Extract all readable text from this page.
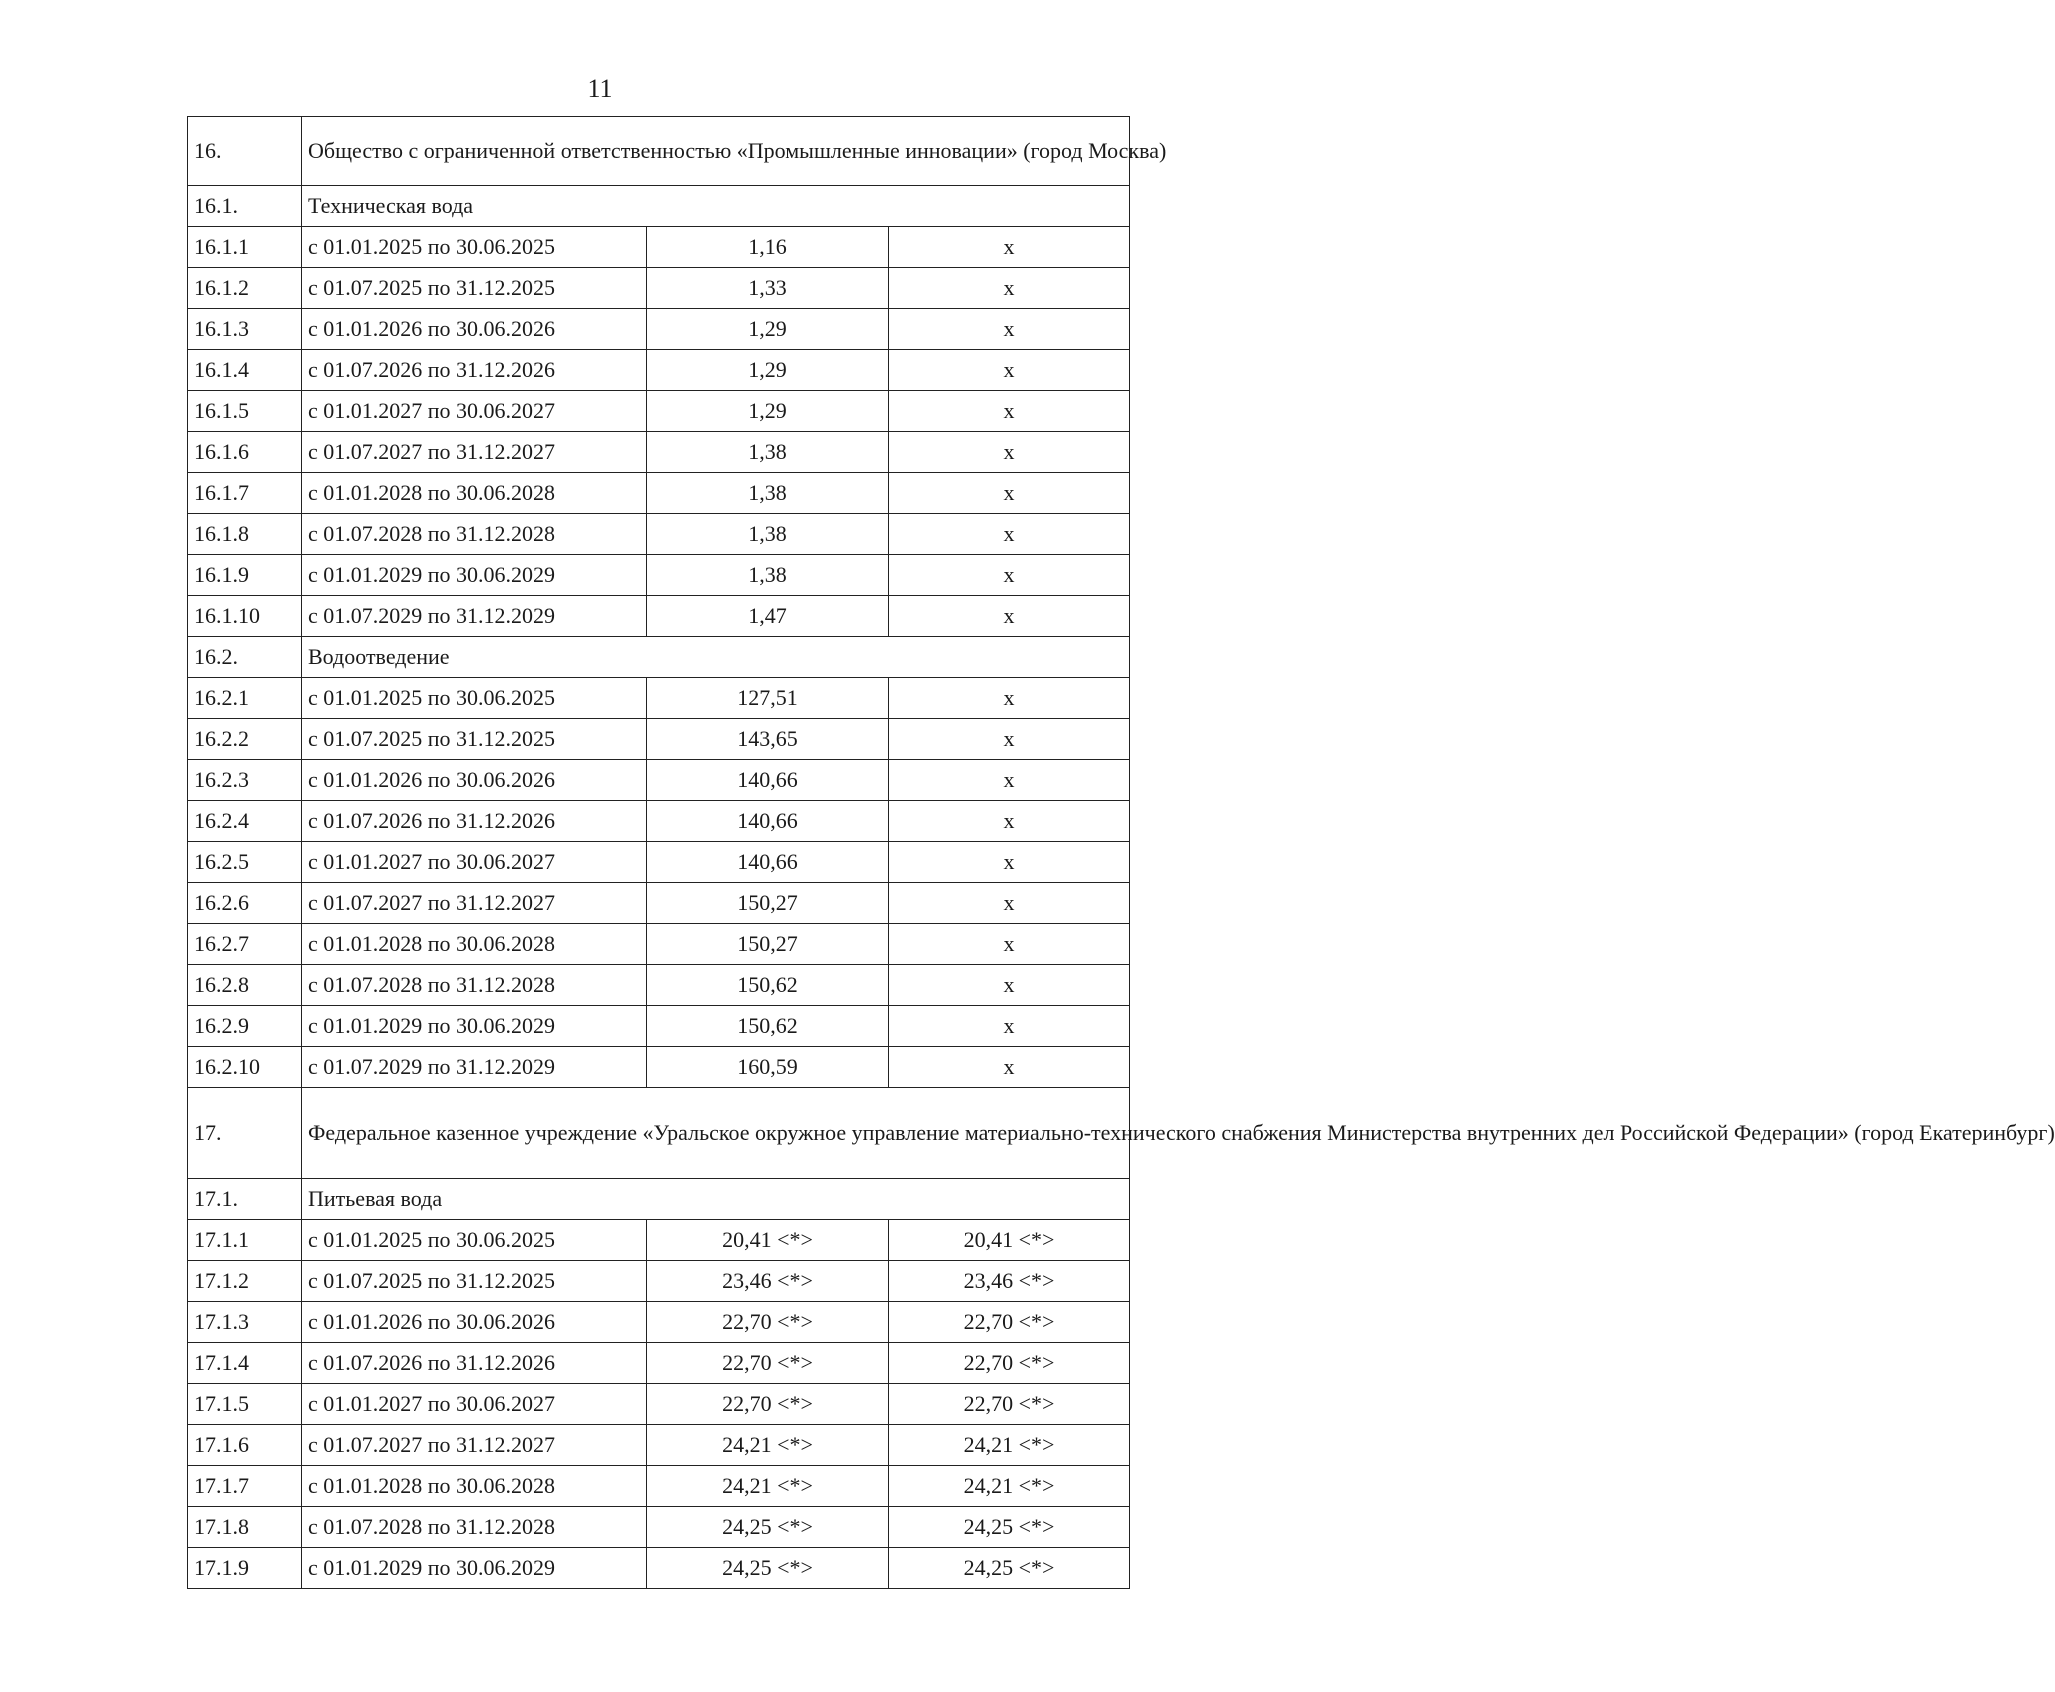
11
16.	Общество с ограниченной ответственностью «Промышленные инновации» (город Москва)		
16.1.	Техническая вода		
16.1.1	с 01.01.2025 по 30.06.2025	1,16	x
16.1.2	с 01.07.2025 по 31.12.2025	1,33	x
16.1.3	с 01.01.2026 по 30.06.2026	1,29	x
16.1.4	с 01.07.2026 по 31.12.2026	1,29	x
16.1.5	с 01.01.2027 по 30.06.2027	1,29	x
16.1.6	с 01.07.2027 по 31.12.2027	1,38	x
16.1.7	с 01.01.2028 по 30.06.2028	1,38	x
16.1.8	с 01.07.2028 по 31.12.2028	1,38	x
16.1.9	с 01.01.2029 по 30.06.2029	1,38	x
16.1.10	с 01.07.2029 по 31.12.2029	1,47	x
16.2.	Водоотведение		
16.2.1	с 01.01.2025 по 30.06.2025	127,51	x
16.2.2	с 01.07.2025 по 31.12.2025	143,65	x
16.2.3	с 01.01.2026 по 30.06.2026	140,66	x
16.2.4	с 01.07.2026 по 31.12.2026	140,66	x
16.2.5	с 01.01.2027 по 30.06.2027	140,66	x
16.2.6	с 01.07.2027 по 31.12.2027	150,27	x
16.2.7	с 01.01.2028 по 30.06.2028	150,27	x
16.2.8	с 01.07.2028 по 31.12.2028	150,62	x
16.2.9	с 01.01.2029 по 30.06.2029	150,62	x
16.2.10	с 01.07.2029 по 31.12.2029	160,59	x
17.	Федеральное казенное учреждение «Уральское окружное управление материально-технического снабжения Министерства внутренних дел Российской Федерации» (город Екатеринбург)		
17.1.	Питьевая вода		
17.1.1	с 01.01.2025 по 30.06.2025	20,41 <*>	20,41 <*>
17.1.2	с 01.07.2025 по 31.12.2025	23,46 <*>	23,46 <*>
17.1.3	с 01.01.2026 по 30.06.2026	22,70 <*>	22,70 <*>
17.1.4	с 01.07.2026 по 31.12.2026	22,70 <*>	22,70 <*>
17.1.5	с 01.01.2027 по 30.06.2027	22,70 <*>	22,70 <*>
17.1.6	с 01.07.2027 по 31.12.2027	24,21 <*>	24,21 <*>
17.1.7	с 01.01.2028 по 30.06.2028	24,21 <*>	24,21 <*>
17.1.8	с 01.07.2028 по 31.12.2028	24,25 <*>	24,25 <*>
17.1.9	с 01.01.2029 по 30.06.2029	24,25 <*>	24,25 <*>
